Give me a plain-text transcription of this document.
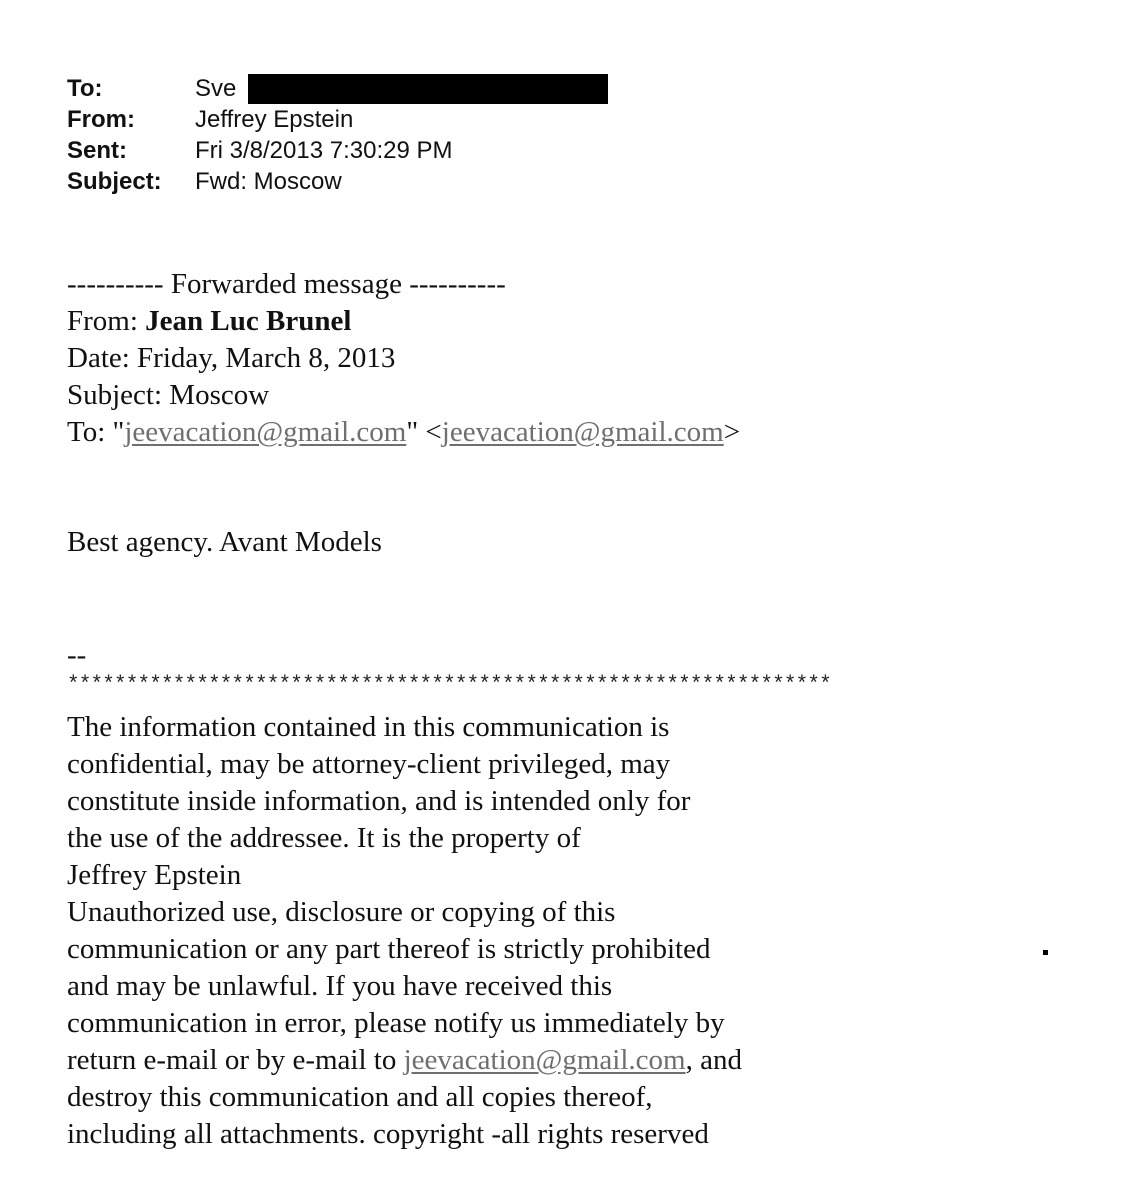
To:	Sve
From:	Jeffrey Epstein
Sent:	Fri 3/8/2013 7:30:29 PM
Subject:	Fwd: Moscow
---------- Forwarded message ----------
From: Jean Luc Brunel
Date: Friday, March 8, 2013
Subject: Moscow
To: "jeevacation@gmail.com" <jeevacation@gmail.com>
Best agency. Avant Models
--
*****************************************************************
The information contained in this communication is
confidential, may be attorney-client privileged, may
constitute inside information, and is intended only for
the use of the addressee. It is the property of
Jeffrey Epstein
Unauthorized use, disclosure or copying of this
communication or any part thereof is strictly prohibited
and may be unlawful. If you have received this
communication in error, please notify us immediately by
return e-mail or by e-mail to jeevacation@gmail.com, and
destroy this communication and all copies thereof,
including all attachments. copyright -all rights reserved
